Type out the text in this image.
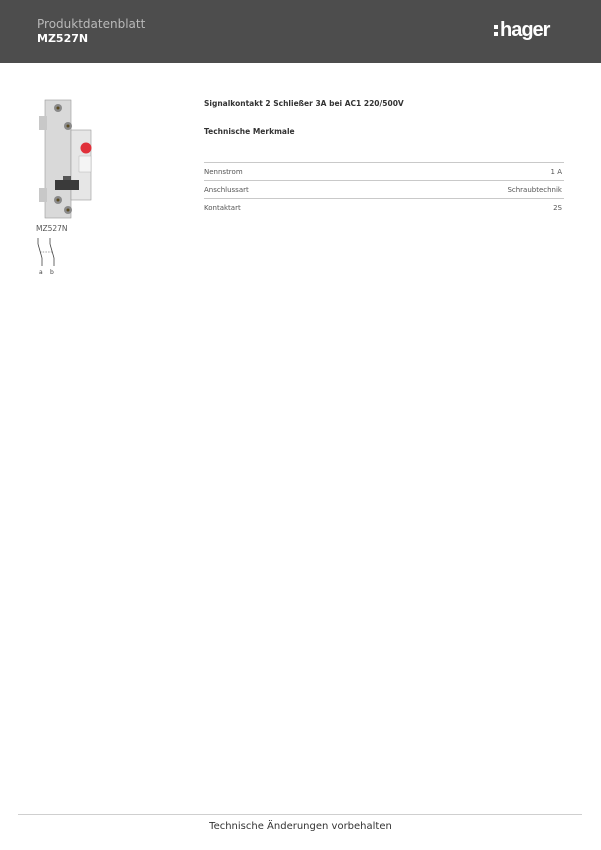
Produktdatenblatt
MZ527N	hager
MZ527N
a b
Signalkontakt 2 Schließer 3A bei AC1 220/500V
Technische Merkmale
Nennstrom	1 A
Anschlussart	Schraubtechnik
Kontaktart	2S
Technische Änderungen vorbehalten
